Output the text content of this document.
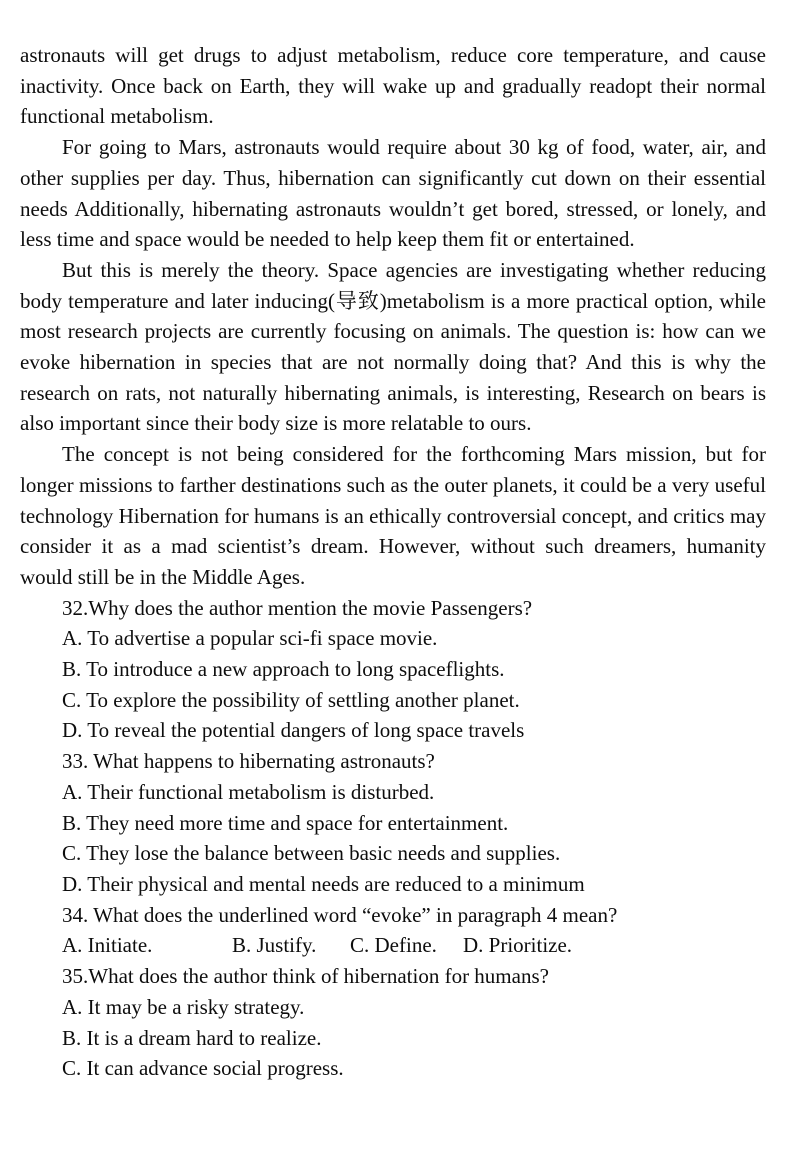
astronauts will get drugs to adjust metabolism, reduce core temperature, and cause inactivity. Once back on Earth, they will wake up and gradually readopt their normal functional metabolism.

For going to Mars, astronauts would require about 30 kg of food, water, air, and other supplies per day. Thus, hibernation can significantly cut down on their essential needs Additionally, hibernating astronauts wouldn’t get bored, stressed, or lonely, and less time and space would be needed to help keep them fit or entertained.

But this is merely the theory. Space agencies are investigating whether reducing body temperature and later inducing(导致)metabolism is a more practical option, while most research projects are currently focusing on animals. The question is: how can we evoke hibernation in species that are not normally doing that? And this is why the research on rats, not naturally hibernating animals, is interesting, Research on bears is also important since their body size is more relatable to ours.

The concept is not being considered for the forthcoming Mars mission, but for longer missions to farther destinations such as the outer planets, it could be a very useful technology Hibernation for humans is an ethically controversial concept, and critics may consider it as a mad scientist’s dream. However, without such dreamers, humanity would still be in the Middle Ages.

32.Why does the author mention the movie Passengers?
A. To advertise a popular sci-fi space movie.
B. To introduce a new approach to long spaceflights.
C. To explore the possibility of settling another planet.
D. To reveal the potential dangers of long space travels
33. What happens to hibernating astronauts?
A. Their functional metabolism is disturbed.
B. They need more time and space for entertainment.
C. They lose the balance between basic needs and supplies.
D. Their physical and mental needs are reduced to a minimum
34. What does the underlined word “evoke” in paragraph 4 mean?
A. Initiate.	B. Justify. C. Define. D. Prioritize.
35.What does the author think of hibernation for humans?
A. It may be a risky strategy.
B. It is a dream hard to realize.
C. It can advance social progress.
